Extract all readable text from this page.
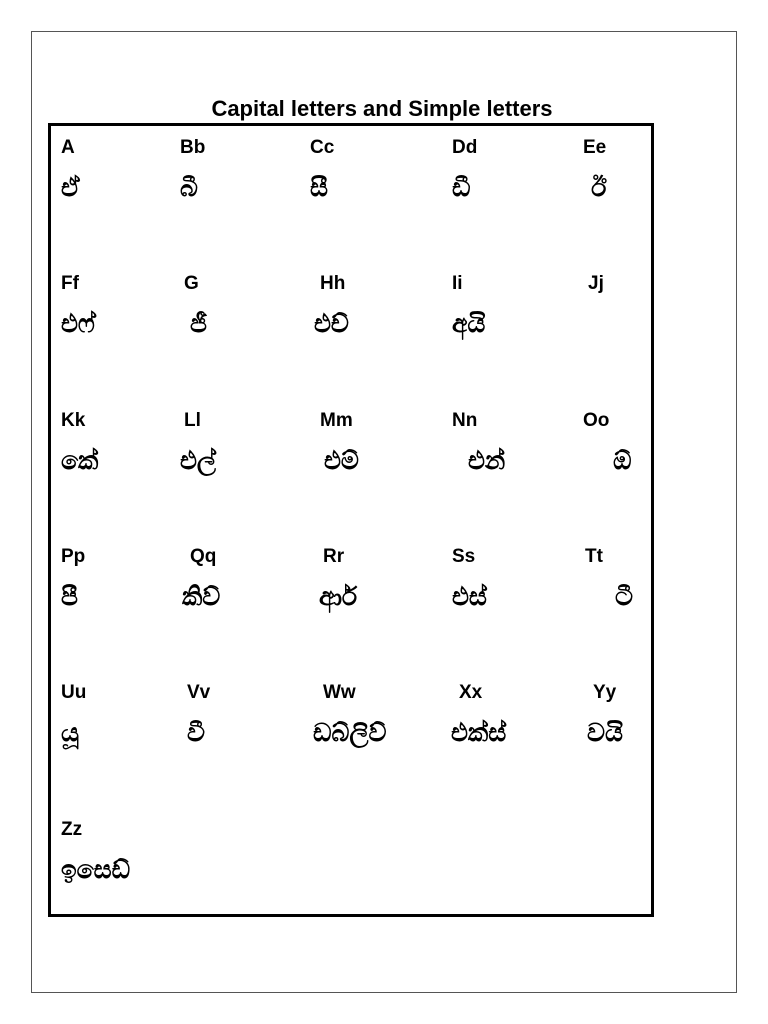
Capital letters and Simple letters
A
ඒ
Bb
බී
Cc
සී
Dd
ඩී
Ee
ඊ
Ff
එෆ්
G
ජී
Hh
එච්
Ii
අයි
Jj
Kk
කේ
Ll
එල්
Mm
එම්
Nn
එන්
Oo
ඕ
Pp
පී
Qq
කිව්
Rr
ආර්
Ss
එස්
Tt
ටී
Uu
යූ
Vv
වී
Ww
ඩබ්ලිව්
Xx
එක්ස්
Yy
වයි
Zz
ඉසෙඩ්
